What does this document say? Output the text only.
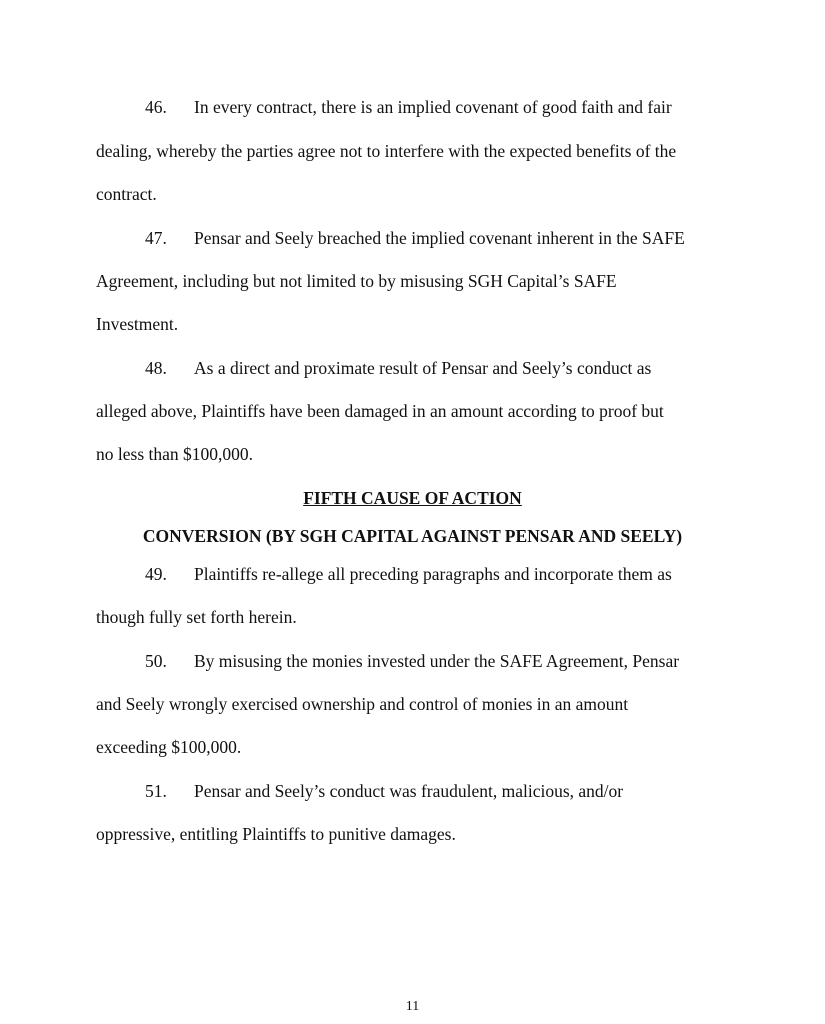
46. In every contract, there is an implied covenant of good faith and fair
dealing, whereby the parties agree not to interfere with the expected benefits of the
contract.
47. Pensar and Seely breached the implied covenant inherent in the SAFE
Agreement, including but not limited to by misusing SGH Capital’s SAFE
Investment.
48. As a direct and proximate result of Pensar and Seely’s conduct as
alleged above, Plaintiffs have been damaged in an amount according to proof but
no less than $100,000.
FIFTH CAUSE OF ACTION
CONVERSION (BY SGH CAPITAL AGAINST PENSAR AND SEELY)
49. Plaintiffs re-allege all preceding paragraphs and incorporate them as
though fully set forth herein.
50. By misusing the monies invested under the SAFE Agreement, Pensar
and Seely wrongly exercised ownership and control of monies in an amount
exceeding $100,000.
51. Pensar and Seely’s conduct was fraudulent, malicious, and/or
oppressive, entitling Plaintiffs to punitive damages.
11
